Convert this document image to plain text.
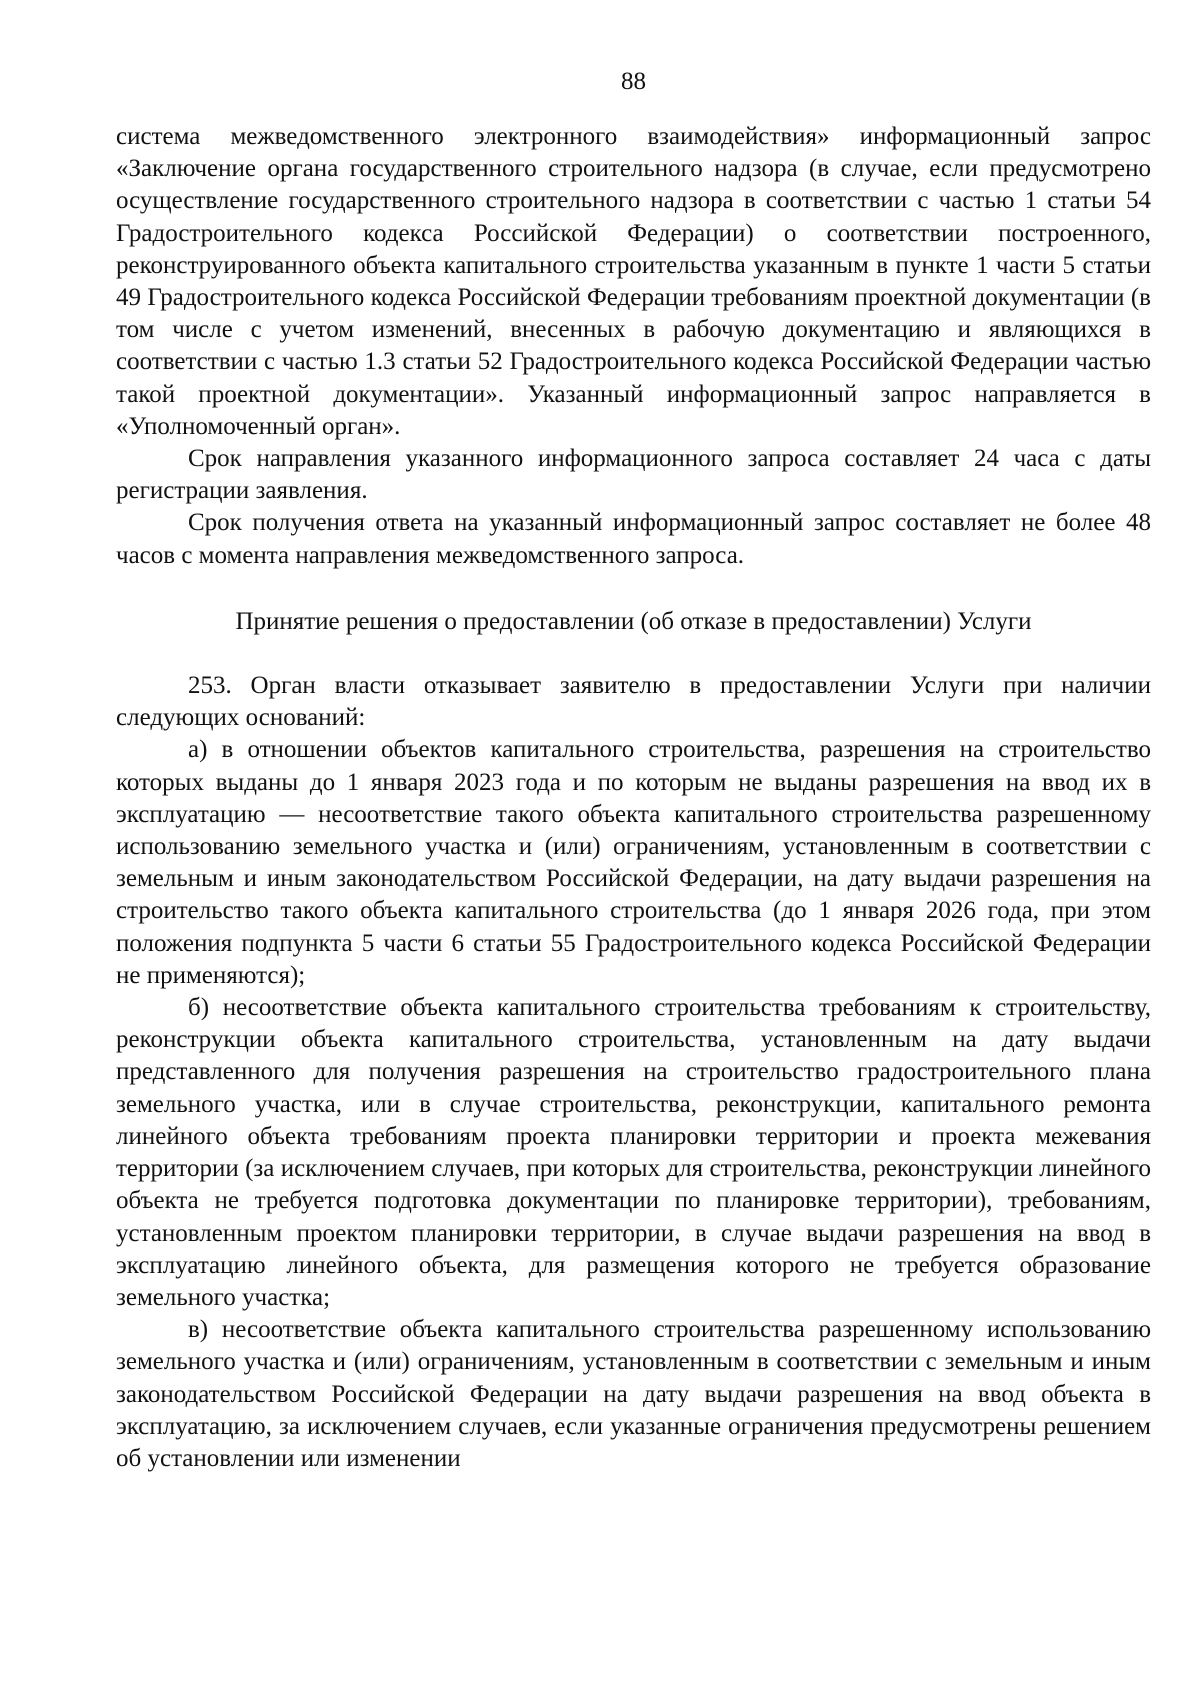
88

система межведомственного электронного взаимодействия» информационный запрос «Заключение органа государственного строительного надзора (в случае, если предусмотрено осуществление государственного строительного надзора в соответствии с частью 1 статьи 54 Градостроительного кодекса Российской Федерации) о соответствии построенного, реконструированного объекта капитального строительства указанным в пункте 1 части 5 статьи 49 Градостроительного кодекса Российской Федерации требованиям проектной документации (в том числе с учетом изменений, внесенных в рабочую документацию и являющихся в соответствии с частью 1.3 статьи 52 Градостроительного кодекса Российской Федерации частью такой проектной документации». Указанный информационный запрос направляется в «Уполномоченный орган».

Срок направления указанного информационного запроса составляет 24 часа с даты регистрации заявления.

Срок получения ответа на указанный информационный запрос составляет не более 48 часов с момента направления межведомственного запроса.

Принятие решения о предоставлении (об отказе в предоставлении) Услуги

253. Орган власти отказывает заявителю в предоставлении Услуги при наличии следующих оснований:

а) в отношении объектов капитального строительства, разрешения на строительство которых выданы до 1 января 2023 года и по которым не выданы разрешения на ввод их в эксплуатацию — несоответствие такого объекта капитального строительства разрешенному использованию земельного участка и (или) ограничениям, установленным в соответствии с земельным и иным законодательством Российской Федерации, на дату выдачи разрешения на строительство такого объекта капитального строительства (до 1 января 2026 года, при этом положения подпункта 5 части 6 статьи 55 Градостроительного кодекса Российской Федерации не применяются);

б) несоответствие объекта капитального строительства требованиям к строительству, реконструкции объекта капитального строительства, установленным на дату выдачи представленного для получения разрешения на строительство градостроительного плана земельного участка, или в случае строительства, реконструкции, капитального ремонта линейного объекта требованиям проекта планировки территории и проекта межевания территории (за исключением случаев, при которых для строительства, реконструкции линейного объекта не требуется подготовка документации по планировке территории), требованиям, установленным проектом планировки территории, в случае выдачи разрешения на ввод в эксплуатацию линейного объекта, для размещения которого не требуется образование земельного участка;

в) несоответствие объекта капитального строительства разрешенному использованию земельного участка и (или) ограничениям, установленным в соответствии с земельным и иным законодательством Российской Федерации на дату выдачи разрешения на ввод объекта в эксплуатацию, за исключением случаев, если указанные ограничения предусмотрены решением об установлении или изменении
